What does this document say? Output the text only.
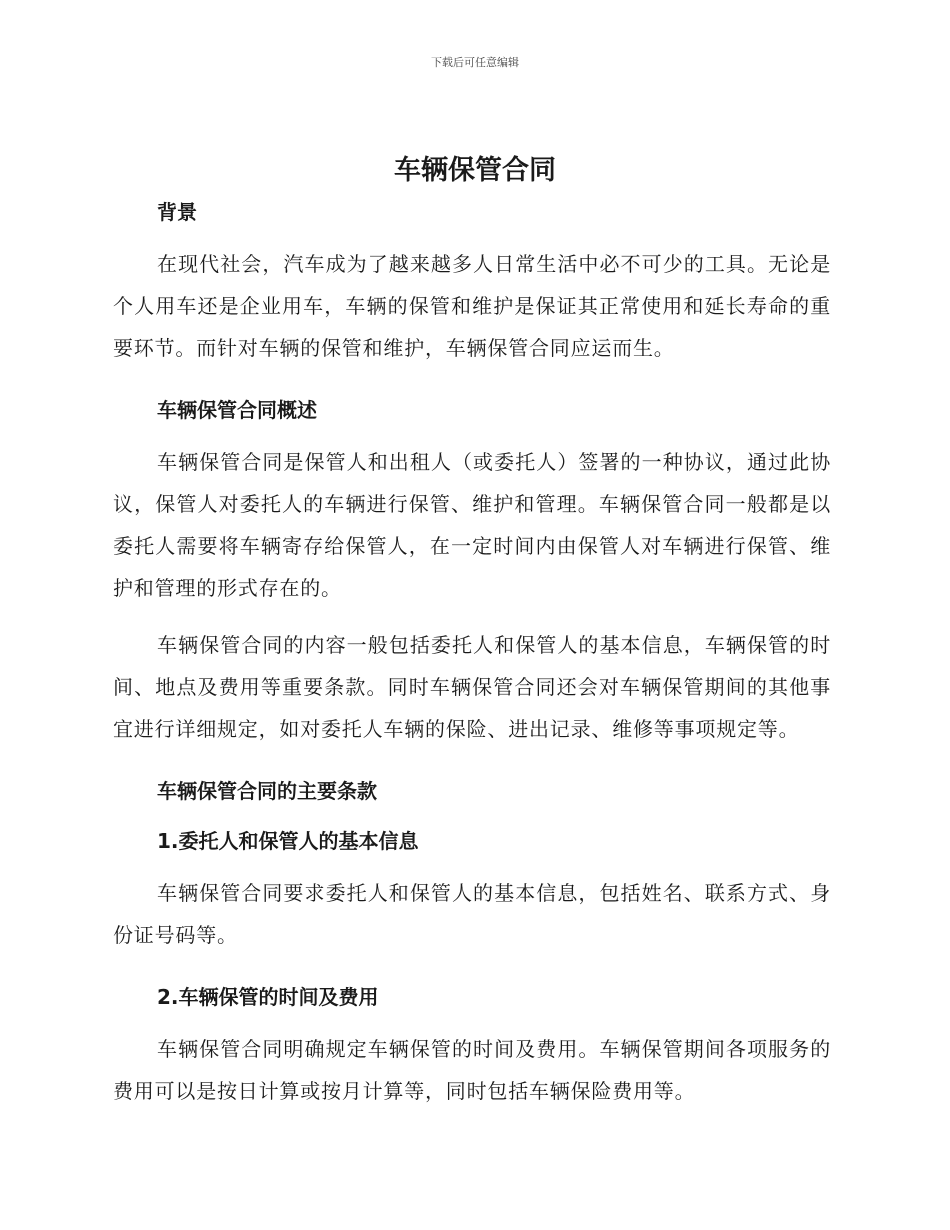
下载后可任意编辑
车辆保管合同
背景

在现代社会，汽车成为了越来越多人日常生活中必不可少的工具。无论是个人用车还是企业用车，车辆的保管和维护是保证其正常使用和延长寿命的重要环节。而针对车辆的保管和维护，车辆保管合同应运而生。

车辆保管合同概述

车辆保管合同是保管人和出租人（或委托人）签署的一种协议，通过此协议，保管人对委托人的车辆进行保管、维护和管理。车辆保管合同一般都是以委托人需要将车辆寄存给保管人，在一定时间内由保管人对车辆进行保管、维护和管理的形式存在的。

车辆保管合同的内容一般包括委托人和保管人的基本信息，车辆保管的时间、地点及费用等重要条款。同时车辆保管合同还会对车辆保管期间的其他事宜进行详细规定，如对委托人车辆的保险、进出记录、维修等事项规定等。

车辆保管合同的主要条款
1.委托人和保管人的基本信息

车辆保管合同要求委托人和保管人的基本信息，包括姓名、联系方式、身份证号码等。

2.车辆保管的时间及费用

车辆保管合同明确规定车辆保管的时间及费用。车辆保管期间各项服务的费用可以是按日计算或按月计算等，同时包括车辆保险费用等。
